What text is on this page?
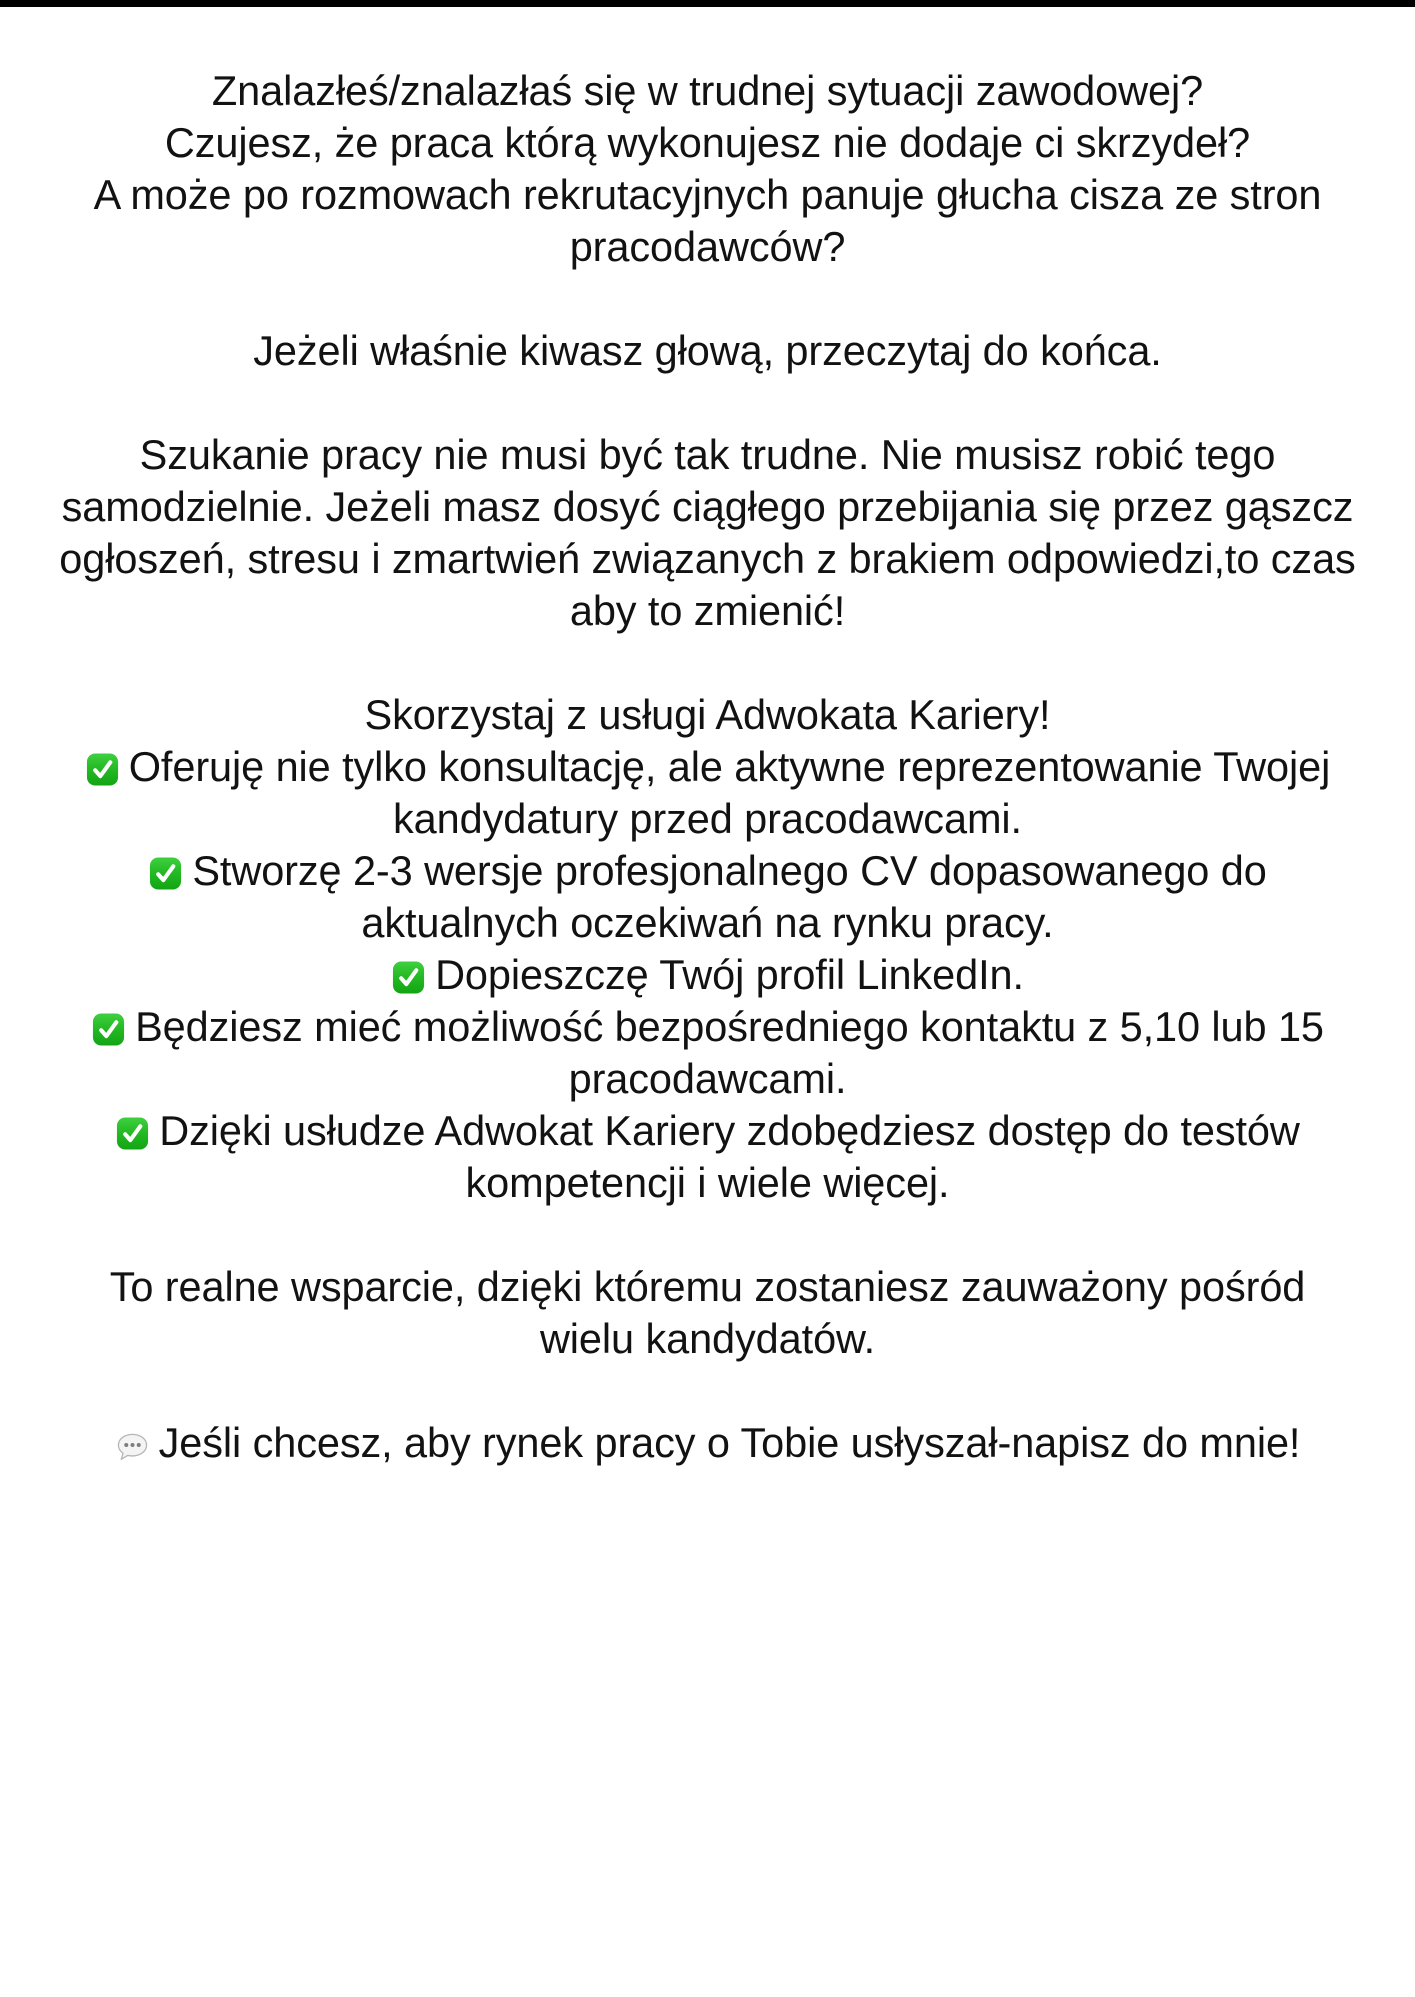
Znalazłeś/znalazłaś się w trudnej sytuacji zawodowej?
Czujesz, że praca którą wykonujesz nie dodaje ci skrzydeł?
A może po rozmowach rekrutacyjnych panuje głucha cisza ze stron
pracodawców?
Jeżeli właśnie kiwasz głową, przeczytaj do końca.
Szukanie pracy nie musi być tak trudne. Nie musisz robić tego
samodzielnie. Jeżeli masz dosyć ciągłego przebijania się przez gąszcz
ogłoszeń, stresu i zmartwień związanych z brakiem odpowiedzi,to czas
aby to zmienić!
Skorzystaj z usługi Adwokata Kariery!
Oferuję nie tylko konsultację, ale aktywne reprezentowanie Twojej
kandydatury przed pracodawcami.
Stworzę 2-3 wersje profesjonalnego CV dopasowanego do
aktualnych oczekiwań na rynku pracy.
Dopieszczę Twój profil LinkedIn.
Będziesz mieć możliwość bezpośredniego kontaktu z 5,10 lub 15
pracodawcami.
Dzięki usłudze Adwokat Kariery zdobędziesz dostęp do testów
kompetencji i wiele więcej.
To realne wsparcie, dzięki któremu zostaniesz zauważony pośród
wielu kandydatów.
Jeśli chcesz, aby rynek pracy o Tobie usłyszał-napisz do mnie!
